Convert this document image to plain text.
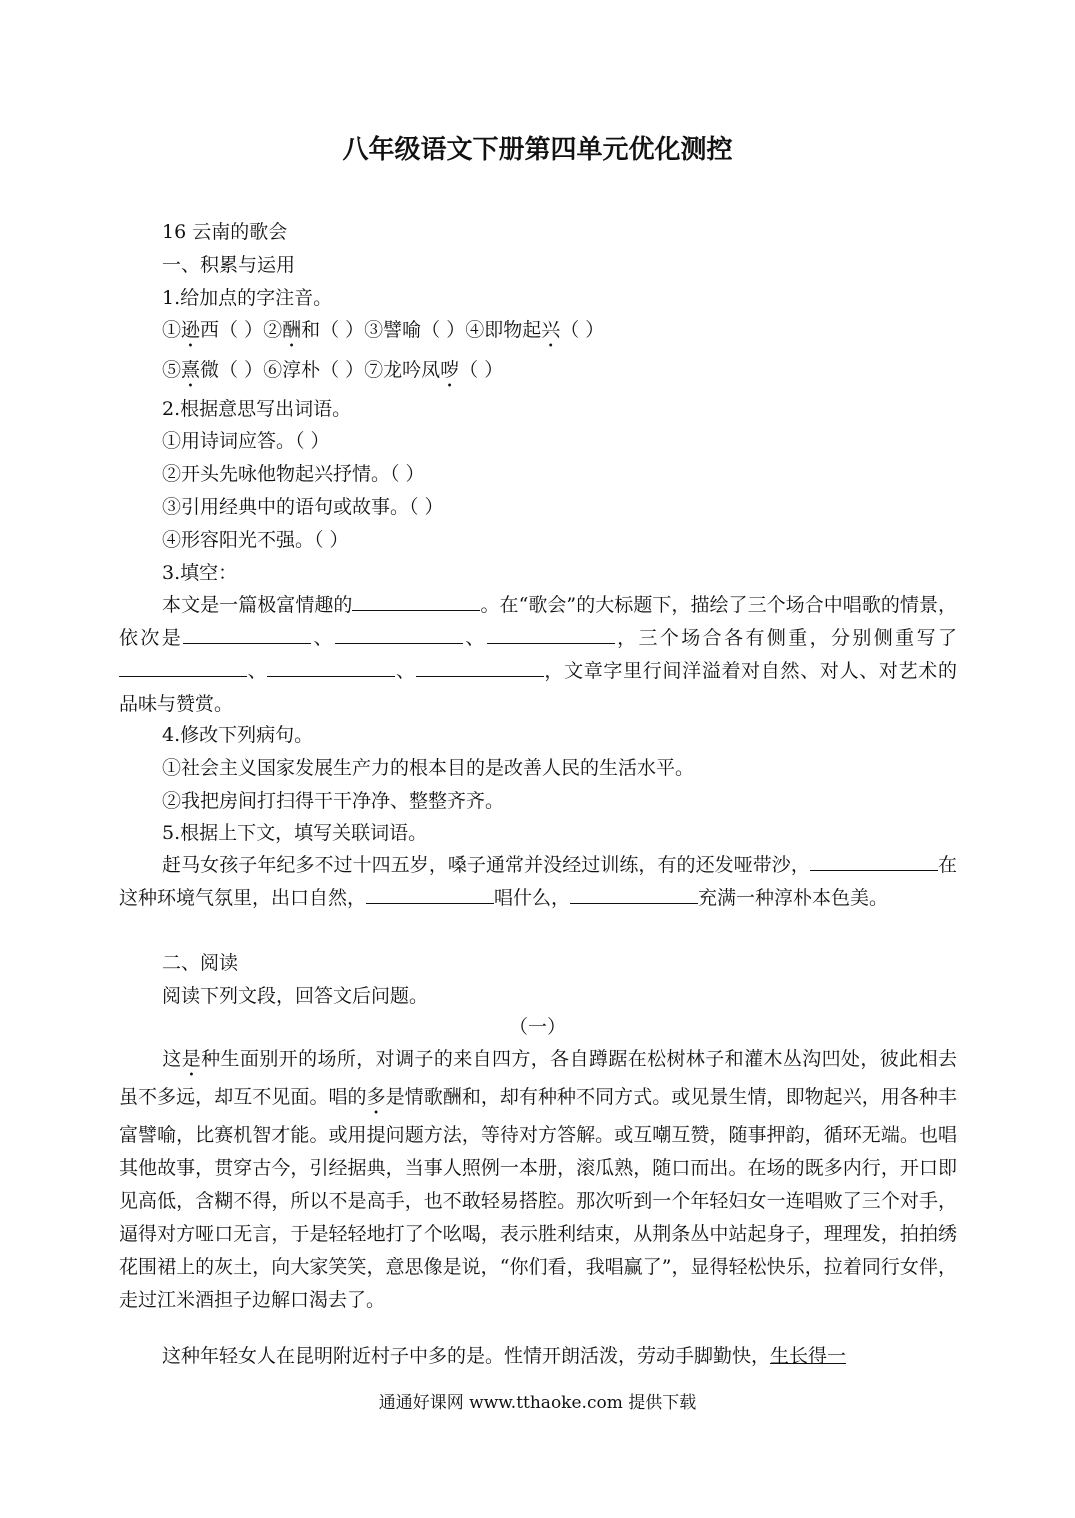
八年级语文下册第四单元优化测控

16 云南的歌会

一、积累与运用

1.给加点的字注音。

①逊西（ ）②酬和（ ）③譬喻（ ）④即物起兴（ ）

⑤熹微（ ）⑥淳朴（ ）⑦龙吟凤哕（ ）

2.根据意思写出词语。

①用诗词应答。（ ）

②开头先咏他物起兴抒情。（ ）

③引用经典中的语句或故事。（ ）

④形容阳光不强。（ ）

3.填空：

本文是一篇极富情趣的	。在“歌会”的大标题下，描绘了三个场合中唱歌的情景，依次是	、	、	，三个场合各有侧重，分别侧重写了、	、	，文章字里行间洋溢着对自然、对人、对艺术的品味与赞赏。

4.修改下列病句。

①社会主义国家发展生产力的根本目的是改善人民的生活水平。

②我把房间打扫得干干净净、整整齐齐。

5.根据上下文，填写关联词语。

赶马女孩子年纪多不过十四五岁，嗓子通常并没经过训练，有的还发哑带沙，	在这种环境气氛里，出口自然，	唱什么，	充满一种淳朴本色美。

二、阅读

阅读下列文段，回答文后问题。

（一）

这是种生面别开的场所，对调子的来自四方，各自蹲踞在松树林子和灌木丛沟凹处，彼此相去虽不多远，却互不见面。唱的多是情歌酬和，却有种种不同方式。或见景生情，即物起兴，用各种丰富譬喻，比赛机智才能。或用提问题方法，等待对方答解。或互嘲互赞，随事押韵，循环无端。也唱其他故事，贯穿古今，引经据典，当事人照例一本册，滚瓜熟，随口而出。在场的既多内行，开口即见高低，含糊不得，所以不是高手，也不敢轻易搭腔。那次听到一个年轻妇女一连唱败了三个对手，逼得对方哑口无言，于是轻轻地打了个吆喝，表示胜利结束，从荆条丛中站起身子，理理发，拍拍绣花围裙上的灰土，向大家笑笑，意思像是说，“你们看，我唱赢了”，显得轻松快乐，拉着同行女伴，走过江米酒担子边解口渴去了。

这种年轻女人在昆明附近村子中多的是。性情开朗活泼，劳动手脚勤快，生长得一

通通好课网 www.tthaoke.com 提供下载
